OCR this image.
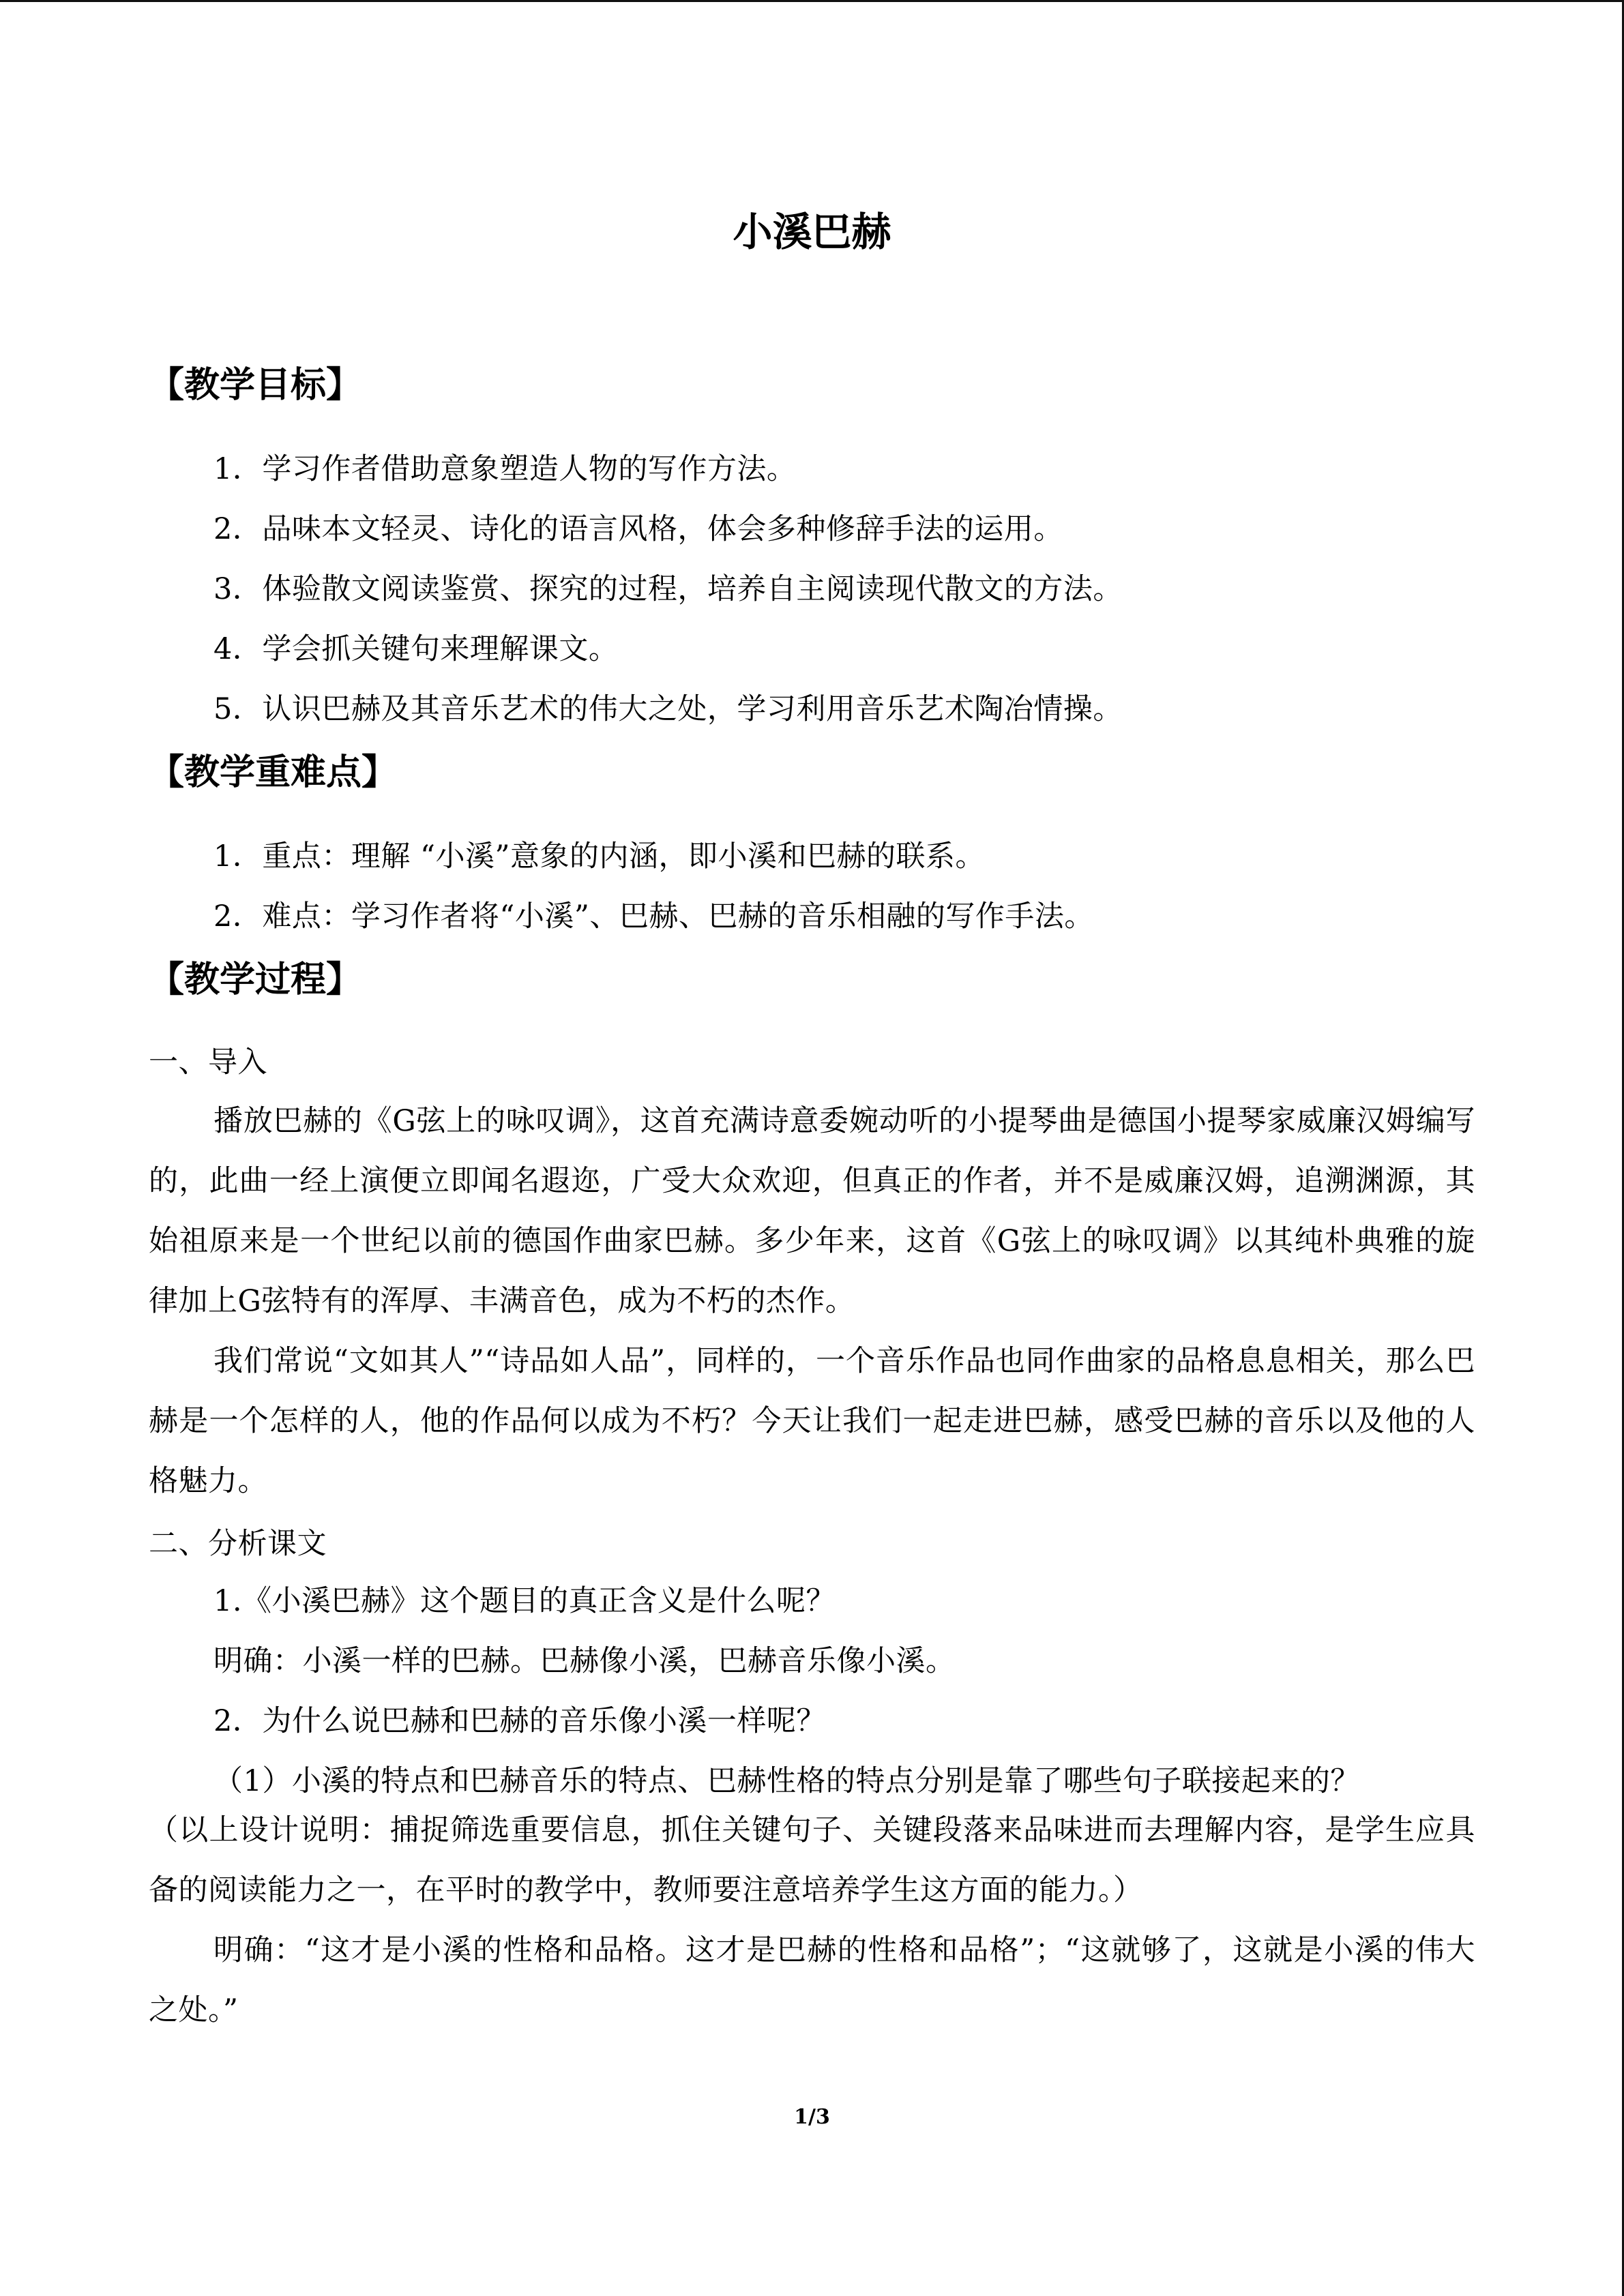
小溪巴赫
【教学目标】
1．学习作者借助意象塑造人物的写作方法。
2．品味本文轻灵、诗化的语言风格，体会多种修辞手法的运用。
3．体验散文阅读鉴赏、探究的过程，培养自主阅读现代散文的方法。
4．学会抓关键句来理解课文。
5．认识巴赫及其音乐艺术的伟大之处，学习利用音乐艺术陶冶情操。
【教学重难点】
1．重点：理解 “小溪”意象的内涵，即小溪和巴赫的联系。
2．难点：学习作者将“小溪”、巴赫、巴赫的音乐相融的写作手法。
【教学过程】
一、导入
播放巴赫的《G弦上的咏叹调》，这首充满诗意委婉动听的小提琴曲是德国小提琴家威廉汉姆编写的，此曲一经上演便立即闻名遐迩，广受大众欢迎，但真正的作者，并不是威廉汉姆，追溯渊源，其始祖原来是一个世纪以前的德国作曲家巴赫。多少年来，这首《G弦上的咏叹调》以其纯朴典雅的旋律加上G弦特有的浑厚、丰满音色，成为不朽的杰作。
我们常说“文如其人”“诗品如人品”，同样的，一个音乐作品也同作曲家的品格息息相关，那么巴赫是一个怎样的人，他的作品何以成为不朽？今天让我们一起走进巴赫，感受巴赫的音乐以及他的人格魅力。
二、分析课文
1.《小溪巴赫》这个题目的真正含义是什么呢？
明确：小溪一样的巴赫。巴赫像小溪，巴赫音乐像小溪。
2．为什么说巴赫和巴赫的音乐像小溪一样呢？
（1）小溪的特点和巴赫音乐的特点、巴赫性格的特点分别是靠了哪些句子联接起来的？
（以上设计说明：捕捉筛选重要信息，抓住关键句子、关键段落来品味进而去理解内容，是学生应具备的阅读能力之一，在平时的教学中，教师要注意培养学生这方面的能力。）
明确：“这才是小溪的性格和品格。这才是巴赫的性格和品格”；“这就够了，这就是小溪的伟大之处。”
1/3
